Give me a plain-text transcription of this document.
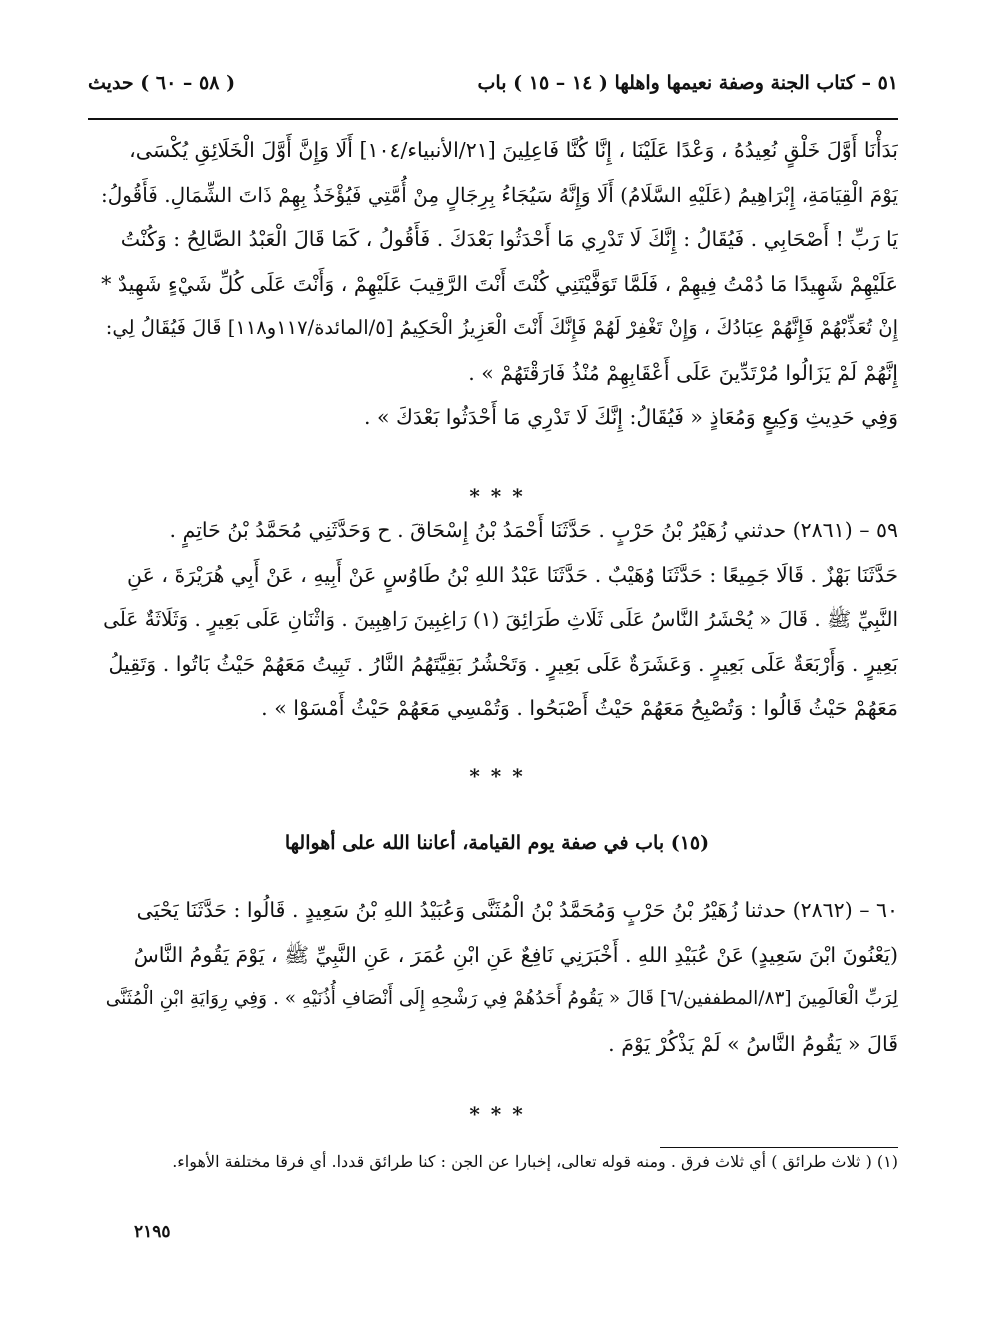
٥١ – كتاب الجنة وصفة نعيمها واهلها ( ١٤ – ١٥ ) باب
( ٥٨ – ٦٠ ) حديث
بَدَأْنَا أَوَّلَ خَلْقٍ نُعِيدُهُ ، وَعْدًا عَلَيْنَا ، إِنَّا كُنَّا فَاعِلِينَ [٢١/الأنبياء/١٠٤] أَلَا وَإِنَّ أَوَّلَ الْخَلَائِقِ يُكْسَى،
يَوْمَ الْقِيَامَةِ، إِبْرَاهِيمُ (عَلَيْهِ السَّلَامُ) أَلَا وَإِنَّهُ سَيُجَاءُ بِرِجَالٍ مِنْ أُمَّتِي فَيُؤْخَذُ بِهِمْ ذَاتَ الشِّمَالِ. فَأَقُولُ:
يَا رَبِّ ! أَصْحَابِي . فَيُقَالُ : إِنَّكَ لَا تَدْرِي مَا أَحْدَثُوا بَعْدَكَ . فَأَقُولُ ، كَمَا قَالَ الْعَبْدُ الصَّالِحُ : وَكُنْتُ
عَلَيْهِمْ شَهِيدًا مَا دُمْتُ فِيهِمْ ، فَلَمَّا تَوَفَّيْتَنِي كُنْتَ أَنْتَ الرَّقِيبَ عَلَيْهِمْ ، وَأَنْتَ عَلَى كُلِّ شَيْءٍ شَهِيدٌ *
إِنْ تُعَذِّبْهُمْ فَإِنَّهُمْ عِبَادُكَ ، وَإِنْ تَغْفِرْ لَهُمْ فَإِنَّكَ أَنْتَ الْعَزِيزُ الْحَكِيمُ [٥/المائدة/١١٧و١١٨] قَالَ فَيُقَالُ لِي:
إِنَّهُمْ لَمْ يَزَالُوا مُرْتَدِّينَ عَلَى أَعْقَابِهِمْ مُنْذُ فَارَقْتَهُمْ » .
وَفِي حَدِيثِ وَكِيعٍ وَمُعَاذٍ « فَيُقَالُ: إِنَّكَ لَا تَدْرِي مَا أَحْدَثُوا بَعْدَكَ » .
* * *
٥٩ – (٢٨٦١) حدثني زُهَيْرُ بْنُ حَرْبٍ . حَدَّثَنَا أَحْمَدُ بْنُ إِسْحَاقَ . ح وَحَدَّثَنِي مُحَمَّدُ بْنُ حَاتِمٍ .
حَدَّثَنَا بَهْزٌ . قَالَا جَمِيعًا : حَدَّثَنَا وُهَيْبٌ . حَدَّثَنَا عَبْدُ اللهِ بْنُ طَاوُسٍ عَنْ أَبِيهِ ، عَنْ أَبِي هُرَيْرَةَ ، عَنِ
النَّبِيِّ ﷺ . قَالَ « يُحْشَرُ النَّاسُ عَلَى ثَلَاثِ طَرَائِقَ (١) رَاغِبِينَ رَاهِبِينَ . وَاثْنَانِ عَلَى بَعِيرٍ . وَثَلَاثَةٌ عَلَى
بَعِيرٍ . وَأَرْبَعَةٌ عَلَى بَعِيرٍ . وَعَشَرَةٌ عَلَى بَعِيرٍ . وَتَحْشُرُ بَقِيَّتَهُمُ النَّارُ . تَبِيتُ مَعَهُمْ حَيْثُ بَاتُوا . وَتَقِيلُ
مَعَهُمْ حَيْثُ قَالُوا : وَتُصْبِحُ مَعَهُمْ حَيْثُ أَصْبَحُوا . وَتُمْسِي مَعَهُمْ حَيْثُ أَمْسَوْا » .
* * *
(١٥) باب في صفة يوم القيامة، أعاننا الله على أهوالها
٦٠ – (٢٨٦٢) حدثنا زُهَيْرُ بْنُ حَرْبٍ وَمُحَمَّدُ بْنُ الْمُثَنَّى وَعُبَيْدُ اللهِ بْنُ سَعِيدٍ . قَالُوا : حَدَّثَنَا يَحْيَى
(يَعْنُونَ ابْنَ سَعِيدٍ) عَنْ عُبَيْدِ اللهِ . أَخْبَرَنِي نَافِعٌ عَنِ ابْنِ عُمَرَ ، عَنِ النَّبِيِّ ﷺ ، يَوْمَ يَقُومُ النَّاسُ
لِرَبِّ الْعَالَمِينَ [٨٣/المطففين/٦] قَالَ « يَقُومُ أَحَدُهُمْ فِي رَشْحِهِ إِلَى أَنْصَافِ أُذُنَيْهِ » . وَفِي رِوَايَةِ ابْنِ الْمُثَنَّى
قَالَ « يَقُومُ النَّاسُ » لَمْ يَذْكُرْ يَوْمَ .
* * *
(١) ( ثلاث طرائق ) أي ثلاث فرق . ومنه قوله تعالى، إخبارا عن الجن : كنا طرائق قددا. أي فرقا مختلفة الأهواء.
٢١٩٥
